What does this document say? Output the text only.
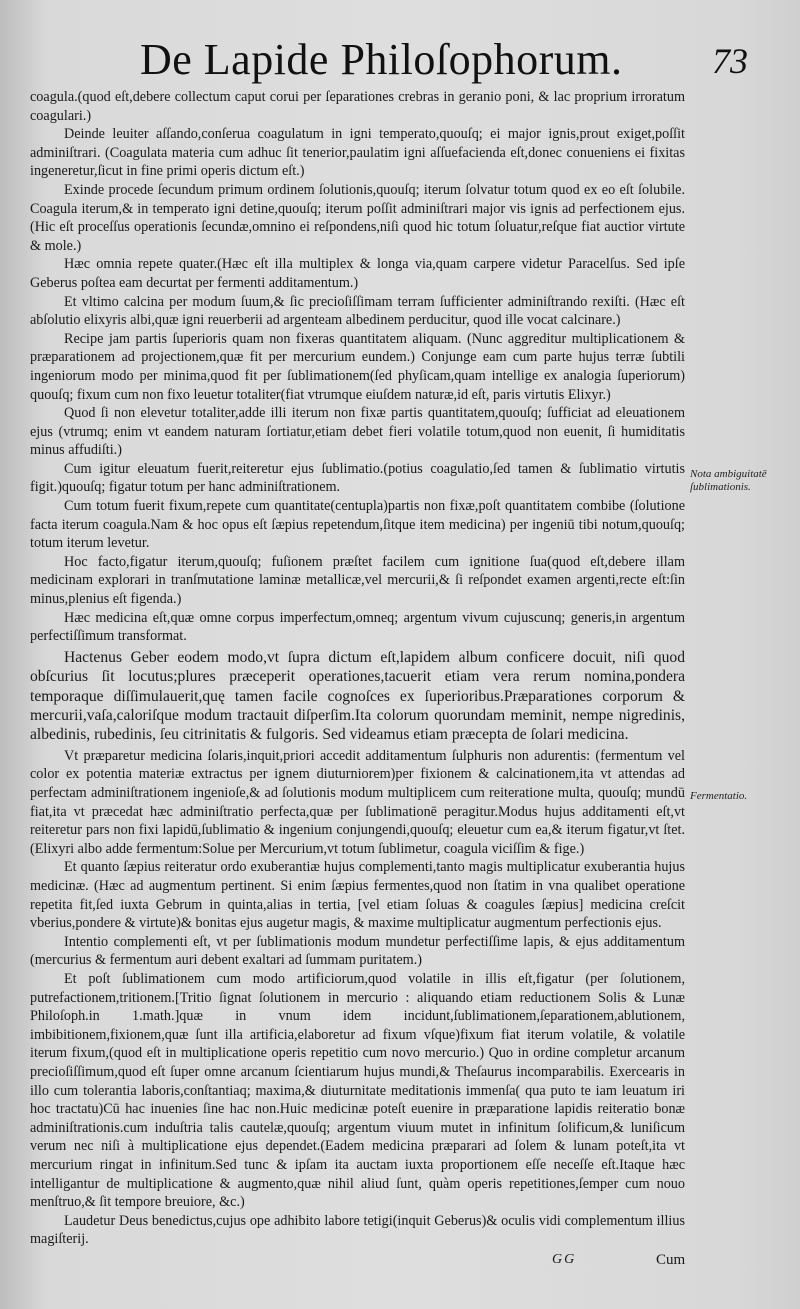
De Lapide Philoſophorum. 73

coagula.(quod eſt,debere collectum caput corui per ſeparationes crebras in geranio poni, & lac proprium irroratum coagulari.)

Deinde leuiter aſſando,conſerua coagulatum in igni temperato,quouſq; ei major ignis,prout exiget,poſſit adminiſtrari. (Coagulata materia cum adhuc ſit tenerior,paulatim igni aſſuefacienda eſt,donec conueniens ei fixitas ingeneretur,ſicut in fine primi operis dictum eſt.)

Exinde procede ſecundum primum ordinem ſolutionis,quouſq; iterum ſolvatur totum quod ex eo eſt ſolubile. Coagula iterum,& in temperato igni detine,quouſq; iterum poſſit adminiſtrari major vis ignis ad perfectionem ejus. (Hic eſt proceſſus operationis ſecundæ,omnino ei reſpondens,niſi quod hic totum ſoluatur,reſque fiat auctior virtute & mole.)

Hæc omnia repete quater.(Hæc eſt illa multiplex & longa via,quam carpere videtur Paracelſus. Sed ipſe Geberus poſtea eam decurtat per fermenti additamentum.)

Et vltimo calcina per modum ſuum,& ſic precioſiſſimam terram ſufficienter adminiſtrando rexiſti. (Hæc eſt abſolutio elixyris albi,quæ igni reuerberii ad argenteam albedinem perducitur, quod ille vocat calcinare.)

Recipe jam partis ſuperioris quam non fixeras quantitatem aliquam. (Nunc aggreditur multiplicationem & præparationem ad projectionem,quæ fit per mercurium eundem.) Conjunge eam cum parte hujus terræ ſubtili ingeniorum modo per minima,quod fit per ſublimationem(ſed phyſicam,quam intellige ex analogia ſuperiorum) quouſq; fixum cum non fixo leuetur totaliter(fiat vtrumque eiuſdem naturæ,id eſt, paris virtutis Elixyr.)

Quod ſi non elevetur totaliter,adde illi iterum non fixæ partis quantitatem,quouſq; ſufficiat ad eleuationem ejus (vtrumq; enim vt eandem naturam ſortiatur,etiam debet fieri volatile totum,quod non euenit, ſi humiditatis minus affudiſti.)

Cum igitur eleuatum fuerit,reiteretur ejus ſublimatio.(potius coagulatio,ſed tamen & ſublimatio virtutis figit.)quouſq; figatur totum per hanc adminiſtrationem.

Cum totum fuerit fixum,repete cum quantitate(centupla)partis non fixæ,poſt quantitatem combibe (ſolutione facta iterum coagula.Nam & hoc opus eſt ſæpius repetendum,ſitque item medicina) per ingeniū tibi notum,quouſq; totum iterum levetur.

Hoc facto,figatur iterum,quouſq; fuſionem præſtet facilem cum ignitione ſua(quod eſt,debere illam medicinam explorari in tranſmutatione laminæ metallicæ,vel mercurii,& ſi reſpondet examen argenti,recte eſt:ſin minus,plenius eſt figenda.)

Hæc medicina eſt,quæ omne corpus imperfectum,omneq; argentum vivum cujuscunq; generis,in argentum perfectiſſimum transformat.

Hactenus Geber eodem modo,vt ſupra dictum eſt,lapidem album conficere docuit, niſi quod obſcurius ſit locutus;plures præceperit operationes,tacuerit etiam vera rerum nomina,pondera temporaque diſſimulauerit,quę tamen facile cognoſces ex ſuperioribus.Præparationes corporum & mercurii,vaſa,caloriſque modum tractauit diſperſim.Ita colorum quorundam meminit, nempe nigredinis, albedinis, rubedinis, ſeu citrinitatis & fulgoris. Sed videamus etiam præcepta de ſolari medicina.

Vt præparetur medicina ſolaris,inquit,priori accedit additamentum ſulphuris non adurentis: (fermentum vel color ex potentia materiæ extractus per ignem diuturniorem)per fixionem & calcinationem,ita vt attendas ad perfectam adminiſtrationem ingenioſe,& ad ſolutionis modum multiplicem cum reiteratione multa, quouſq; mundū fiat,ita vt præcedat hæc adminiſtratio perfecta,quæ per ſublimationē peragitur.Modus hujus additamenti eſt,vt reiteretur pars non fixi lapidū,ſublimatio & ingenium conjungendi,quouſq; eleuetur cum ea,& iterum figatur,vt ſtet. (Elixyri albo adde fermentum:Solue per Mercurium,vt totum ſublimetur, coagula viciſſim & fige.)

Et quanto ſæpius reiteratur ordo exuberantiæ hujus complementi,tanto magis multiplicatur exuberantia hujus medicinæ. (Hæc ad augmentum pertinent. Si enim ſæpius fermentes,quod non ſtatim in vna qualibet operatione repetita fit,ſed iuxta Gebrum in quinta,alias in tertia, [vel etiam ſoluas & coagules ſæpius] medicina creſcit vberius,pondere & virtute)& bonitas ejus augetur magis, & maxime multiplicatur augmentum perfectionis ejus.

Intentio complementi eſt, vt per ſublimationis modum mundetur perfectiſſime lapis, & ejus additamentum (mercurius & fermentum auri debent exaltari ad ſummam puritatem.)

Et poſt ſublimationem cum modo artificiorum,quod volatile in illis eſt,figatur (per ſolutionem, putrefactionem,tritionem.[Tritio ſignat ſolutionem in mercurio : aliquando etiam reductionem Solis & Lunæ Philoſoph.in 1.math.]quæ in vnum idem incidunt,ſublimationem,ſeparationem,ablutionem, imbibitionem,fixionem,quæ ſunt illa artificia,elaboretur ad fixum vſque)fixum fiat iterum volatile, & volatile iterum fixum,(quod eſt in multiplicatione operis repetitio cum novo mercurio.) Quo in ordine completur arcanum precioſiſſimum,quod eſt ſuper omne arcanum ſcientiarum hujus mundi,& Theſaurus incomparabilis. Exercearis in illo cum tolerantia laboris,conſtantiaq; maxima,& diuturnitate meditationis immenſa( qua puto te iam leuatum iri hoc tractatu)Cū hac inuenies ſine hac non.Huic medicinæ poteſt euenire in præparatione lapidis reiteratio bonæ adminiſtrationis.cum induſtria talis cautelæ,quouſq; argentum viuum mutet in infinitum ſolificum,& luniſicum verum nec niſi à multiplicatione ejus dependet.(Eadem medicina præparari ad ſolem & lunam poteſt,ita vt mercurium ringat in infinitum.Sed tunc & ipſam ita auctam iuxta proportionem eſſe neceſſe eſt.Itaque hæc intelligantur de multiplicatione & augmento,quæ nihil aliud ſunt, quàm operis repetitiones,ſemper cum nouo menſtruo,& ſit tempore breuiore, &c.)

Laudetur Deus benedictus,cujus ope adhibito labore tetigi(inquit Geberus)& oculis vidi complementum illius magiſterij.

Nota ambiguitatē ſublimationis.
Fermentatio.
GG	Cum
